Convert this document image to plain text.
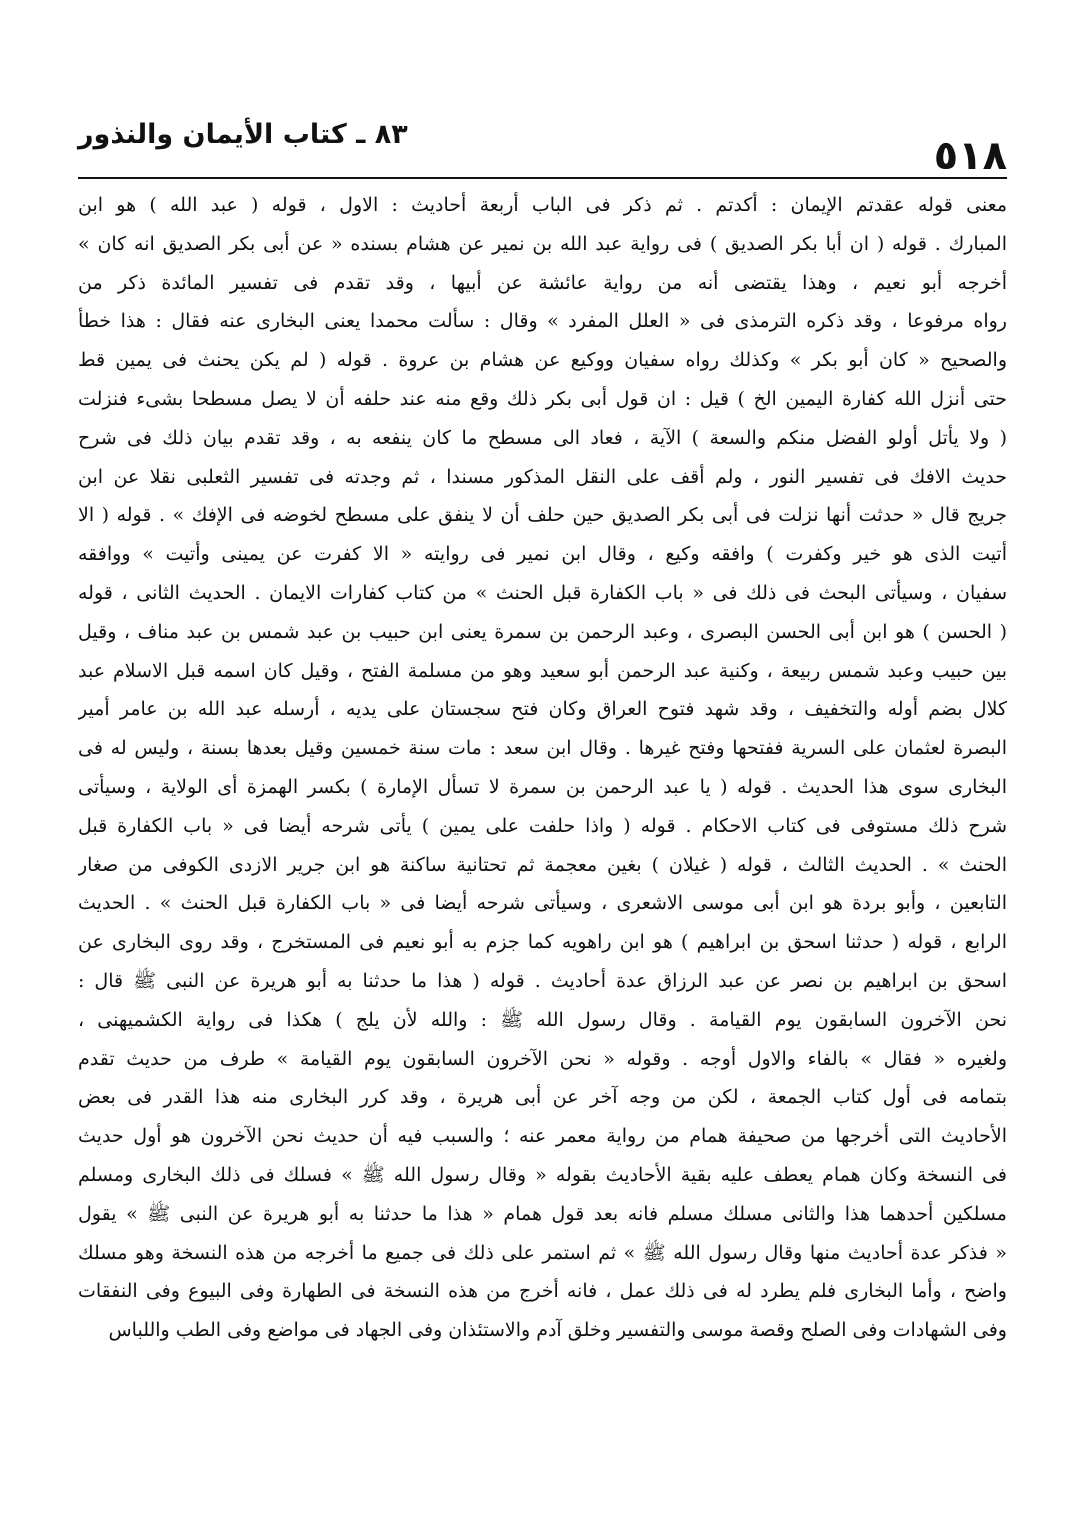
٥١٨
٨٣ ـ كتاب الأيمان والنذور
معنى قوله عقدتم الإيمان : أكدتم . ثم ذكر فى الباب أربعة أحاديث : الاول ، قوله ( عبد الله ) هو ابن
المبارك . قوله ( ان أبا بكر الصديق ) فى رواية عبد الله بن نمير عن هشام بسنده « عن أبى بكر الصديق انه كان »
أخرجه أبو نعيم ، وهذا يقتضى أنه من رواية عائشة عن أبيها ، وقد تقدم فى تفسير المائدة ذكر من
رواه مرفوعا ، وقد ذكره الترمذى فى « العلل المفرد » وقال : سألت محمدا يعنى البخارى عنه فقال : هذا خطأ
والصحيح « كان أبو بكر » وكذلك رواه سفيان ووكيع عن هشام بن عروة . قوله ( لم يكن يحنث فى يمين قط
حتى أنزل الله كفارة اليمين الخ ) قيل : ان قول أبى بكر ذلك وقع منه عند حلفه أن لا يصل مسطحا بشىء فنزلت
( ولا يأتل أولو الفضل منكم والسعة ) الآية ، فعاد الى مسطح ما كان ينفعه به ، وقد تقدم بيان ذلك فى شرح
حديث الافك فى تفسير النور ، ولم أقف على النقل المذكور مسندا ، ثم وجدته فى تفسير الثعلبى نقلا عن ابن
جريج قال « حدثت أنها نزلت فى أبى بكر الصديق حين حلف أن لا ينفق على مسطح لخوضه فى الإفك » . قوله ( الا
أتيت الذى هو خير وكفرت ) وافقه وكيع ، وقال ابن نمير فى روايته « الا كفرت عن يمينى وأتيت » ووافقه
سفيان ، وسيأتى البحث فى ذلك فى « باب الكفارة قبل الحنث » من كتاب كفارات الايمان . الحديث الثانى ، قوله
( الحسن ) هو ابن أبى الحسن البصرى ، وعبد الرحمن بن سمرة يعنى ابن حبيب بن عبد شمس بن عبد مناف ، وقيل
بين حبيب وعبد شمس ربيعة ، وكنية عبد الرحمن أبو سعيد وهو من مسلمة الفتح ، وقيل كان اسمه قبل الاسلام عبد
كلال بضم أوله والتخفيف ، وقد شهد فتوح العراق وكان فتح سجستان على يديه ، أرسله عبد الله بن عامر أمير
البصرة لعثمان على السرية ففتحها وفتح غيرها . وقال ابن سعد : مات سنة خمسين وقيل بعدها بسنة ، وليس له فى
البخارى سوى هذا الحديث . قوله ( يا عبد الرحمن بن سمرة لا تسأل الإمارة ) بكسر الهمزة أى الولاية ، وسيأتى
شرح ذلك مستوفى فى كتاب الاحكام . قوله ( واذا حلفت على يمين ) يأتى شرحه أيضا فى « باب الكفارة قبل
الحنث » . الحديث الثالث ، قوله ( غيلان ) بغين معجمة ثم تحتانية ساكنة هو ابن جرير الازدى الكوفى من صغار
التابعين ، وأبو بردة هو ابن أبى موسى الاشعرى ، وسيأتى شرحه أيضا فى « باب الكفارة قبل الحنث » . الحديث
الرابع ، قوله ( حدثنا اسحق بن ابراهيم ) هو ابن راهويه كما جزم به أبو نعيم فى المستخرج ، وقد روى البخارى عن
اسحق بن ابراهيم بن نصر عن عبد الرزاق عدة أحاديث . قوله ( هذا ما حدثنا به أبو هريرة عن النبى ﷺ قال :
نحن الآخرون السابقون يوم القيامة . وقال رسول الله ﷺ : والله لأن يلج ) هكذا فى رواية الكشميهنى ،
ولغيره « فقال » بالفاء والاول أوجه . وقوله « نحن الآخرون السابقون يوم القيامة » طرف من حديث تقدم
بتمامه فى أول كتاب الجمعة ، لكن من وجه آخر عن أبى هريرة ، وقد كرر البخارى منه هذا القدر فى بعض
الأحاديث التى أخرجها من صحيفة همام من رواية معمر عنه ؛ والسبب فيه أن حديث نحن الآخرون هو أول حديث
فى النسخة وكان همام يعطف عليه بقية الأحاديث بقوله « وقال رسول الله ﷺ » فسلك فى ذلك البخارى ومسلم
مسلكين أحدهما هذا والثانى مسلك مسلم فانه بعد قول همام « هذا ما حدثنا به أبو هريرة عن النبى ﷺ » يقول
« فذكر عدة أحاديث منها وقال رسول الله ﷺ » ثم استمر على ذلك فى جميع ما أخرجه من هذه النسخة وهو مسلك
واضح ، وأما البخارى فلم يطرد له فى ذلك عمل ، فانه أخرج من هذه النسخة فى الطهارة وفى البيوع وفى النفقات
وفى الشهادات وفى الصلح وقصة موسى والتفسير وخلق آدم والاستئذان وفى الجهاد فى مواضع وفى الطب واللباس
